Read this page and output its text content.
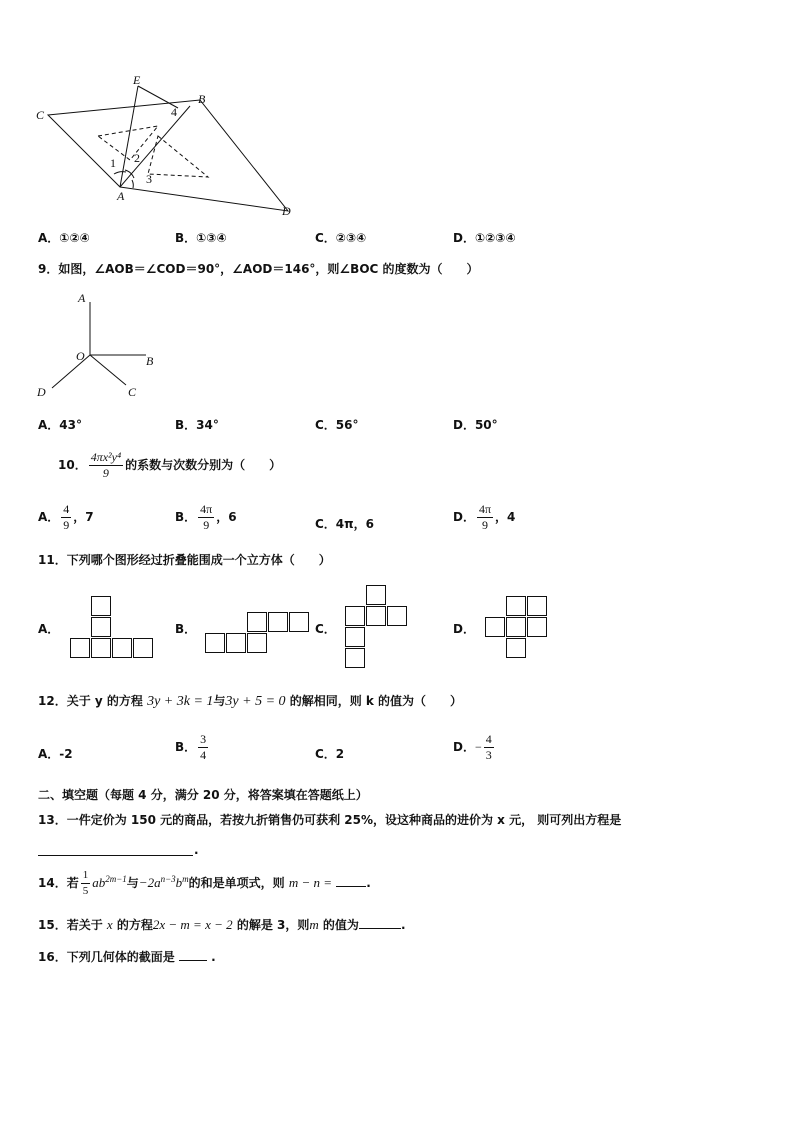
E
B
C
A
D
1 2
3
4
A．①②④	B．①③④	C．②③④	D．①②③④
9．如图，∠AOB＝∠COD＝90°，∠AOD＝146°，则∠BOC 的度数为（　　）
A
O	B
D	C
A．43°	B．34°	C．56°	D．50°
10． $\frac{\text{4πx²y⁴}}{9}$ 的系数与次数分别为（　　）
A． $\frac{4}{9}$ ，7	B． $\frac{4\pi}{9}$ ，6	C．4π，6	D． $\frac{4\pi}{9}$ ，4
11．下列哪个图形经过折叠能围成一个立方体（　　）
A．	B．	C．	D．
12．关于 y 的方程 3y + 3k = 1与3y + 5 = 0 的解相同，则 k 的值为（　　）
A．-2	B． $\frac{3}{4}$	C．2	D．− $\frac{4}{3}$
二、填空题（每题 4 分，满分 20 分，将答案填在答题纸上）
13．一件定价为 150 元的商品，若按九折销售仍可获利 25%，设这种商品的进价为 x 元， 则可列出方程是
.
14．若 $\frac{1}{5} ab^{2m-1}$与$-2a^{n-3}b^m$的和是单项式，则 m − n =	.
15．若关于 x 的方程2x − m = x − 2 的解是 3，则m 的值为	.
16．下列几何体的截面是	.
